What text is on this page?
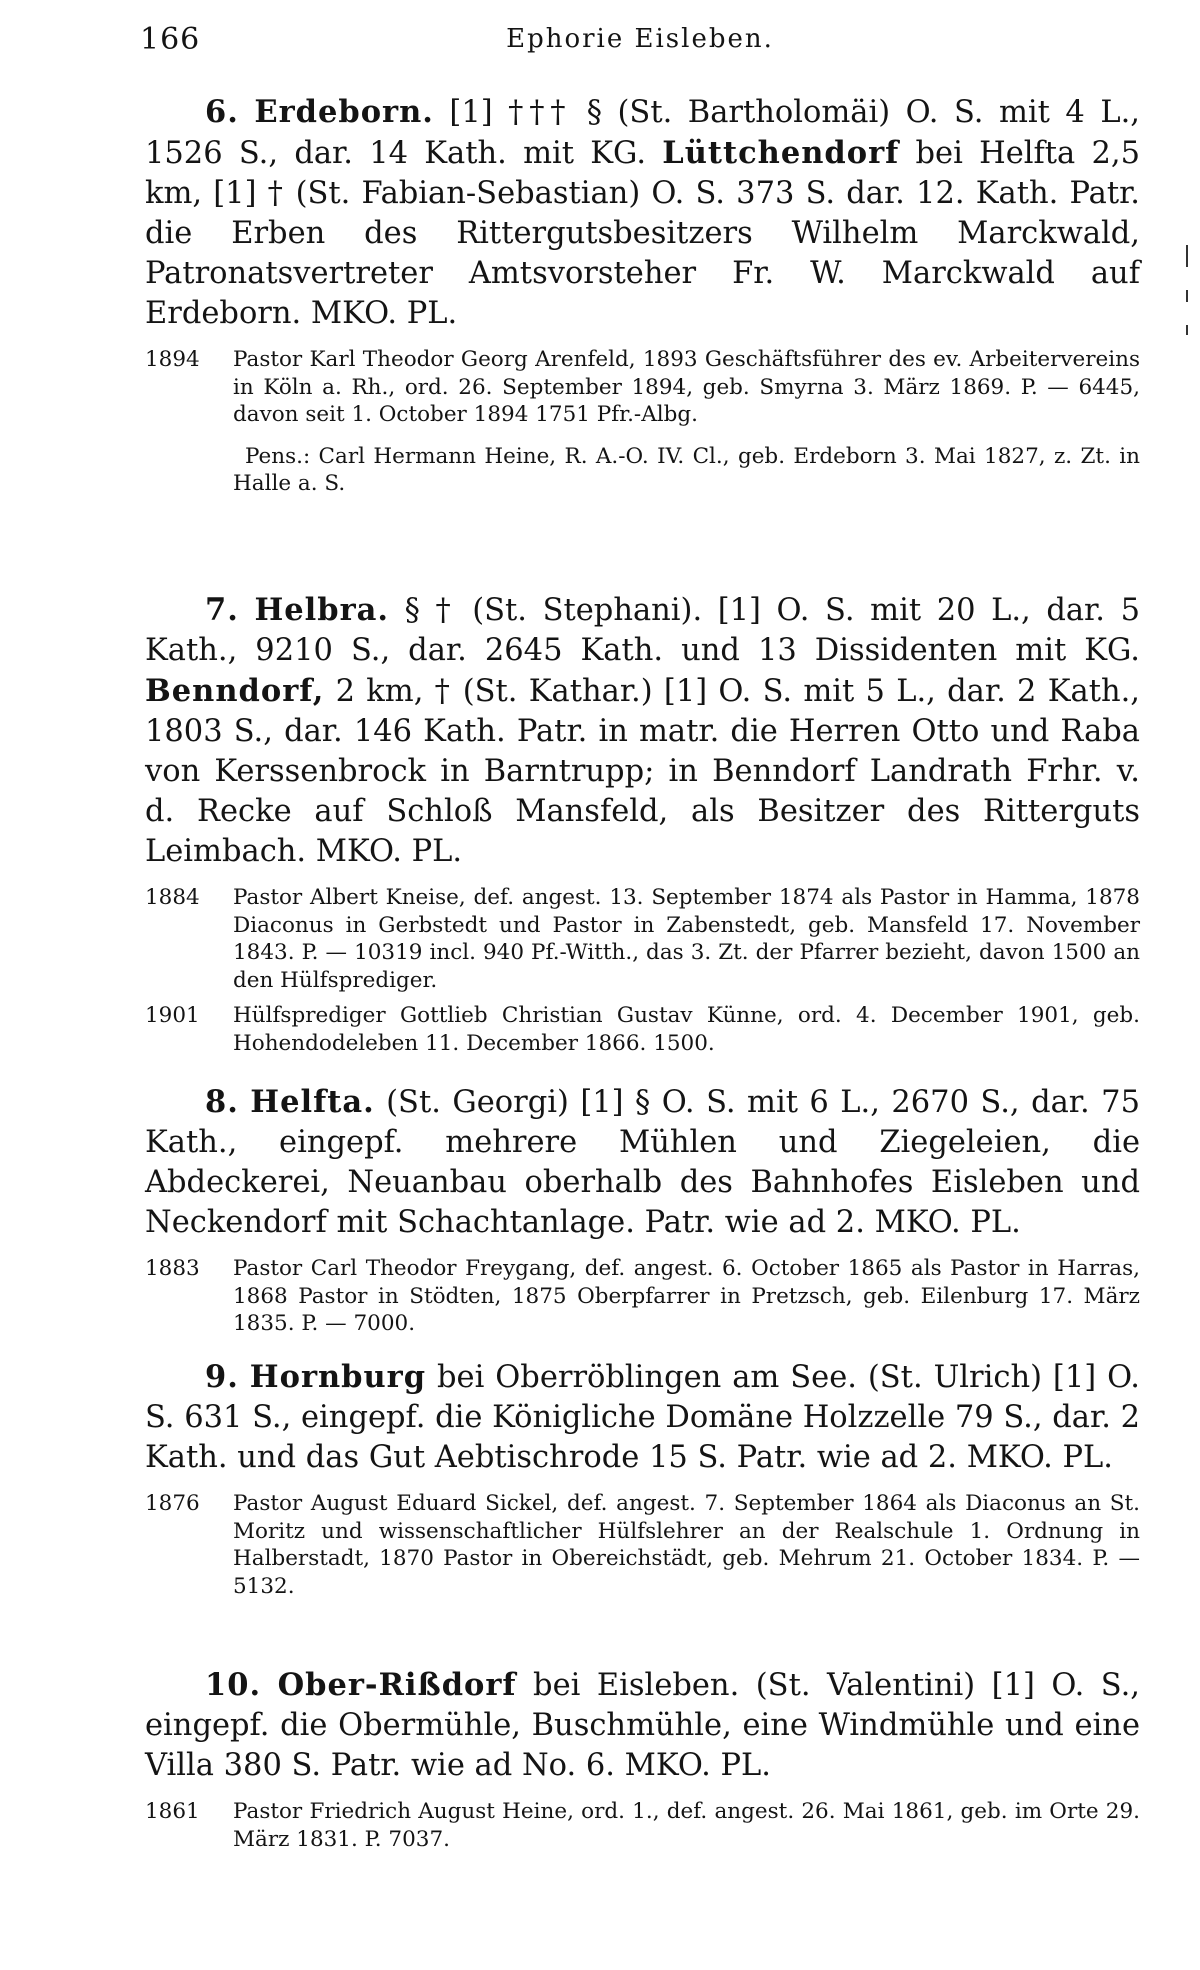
166	Ephorie Eisleben.

6. Erdeborn. [1] ††† § (St. Bartholomäi) O. S. mit 4 L., 1526 S., dar. 14 Kath. mit KG. Lüttchendorf bei Helfta 2,5 km, [1] † (St. Fabian-Sebastian) O. S. 373 S. dar. 12. Kath. Patr. die Erben des Rittergutsbesitzers Wilhelm Marckwald, Patronatsvertreter Amtsvorsteher Fr. W. Marckwald auf Erdeborn. MKO. PL.

1894	Pastor Karl Theodor Georg Arenfeld, 1893 Geschäftsführer des ev. Arbeitervereins in Köln a. Rh., ord. 26. September 1894, geb. Smyrna 3. März 1869. P. — 6445, davon seit 1. October 1894 1751 Pfr.-Albg.

Pens.: Carl Hermann Heine, R. A.-O. IV. Cl., geb. Erdeborn 3. Mai 1827, z. Zt. in Halle a. S.

7. Helbra. § † (St. Stephani). [1] O. S. mit 20 L., dar. 5 Kath., 9210 S., dar. 2645 Kath. und 13 Dissidenten mit KG. Benndorf, 2 km, † (St. Kathar.) [1] O. S. mit 5 L., dar. 2 Kath., 1803 S., dar. 146 Kath. Patr. in matr. die Herren Otto und Raba von Kerssenbrock in Barntrupp; in Benndorf Landrath Frhr. v. d. Recke auf Schloß Mansfeld, als Besitzer des Ritterguts Leimbach. MKO. PL.

1884	Pastor Albert Kneise, def. angest. 13. September 1874 als Pastor in Hamma, 1878 Diaconus in Gerbstedt und Pastor in Zabenstedt, geb. Mansfeld 17. November 1843. P. — 10319 incl. 940 Pf.-Witth., das 3. Zt. der Pfarrer bezieht, davon 1500 an den Hülfsprediger.

1901	Hülfsprediger Gottlieb Christian Gustav Künne, ord. 4. December 1901, geb. Hohendodeleben 11. December 1866. 1500.

8. Helfta. (St. Georgi) [1] § O. S. mit 6 L., 2670 S., dar. 75 Kath., eingepf. mehrere Mühlen und Ziegeleien, die Abdeckerei, Neuanbau oberhalb des Bahnhofes Eisleben und Neckendorf mit Schachtanlage. Patr. wie ad 2. MKO. PL.

1883	Pastor Carl Theodor Freygang, def. angest. 6. October 1865 als Pastor in Harras, 1868 Pastor in Stödten, 1875 Oberpfarrer in Pretzsch, geb. Eilenburg 17. März 1835. P. — 7000.

9. Hornburg bei Oberröblingen am See. (St. Ulrich) [1] O. S. 631 S., eingepf. die Königliche Domäne Holzzelle 79 S., dar. 2 Kath. und das Gut Aebtischrode 15 S. Patr. wie ad 2. MKO. PL.

1876	Pastor August Eduard Sickel, def. angest. 7. September 1864 als Diaconus an St. Moritz und wissenschaftlicher Hülfslehrer an der Realschule 1. Ordnung in Halberstadt, 1870 Pastor in Obereichstädt, geb. Mehrum 21. October 1834. P. — 5132.

10. Ober-Rißdorf bei Eisleben. (St. Valentini) [1] O. S., eingepf. die Obermühle, Buschmühle, eine Windmühle und eine Villa 380 S. Patr. wie ad No. 6. MKO. PL.

1861	Pastor Friedrich August Heine, ord. 1., def. angest. 26. Mai 1861, geb. im Orte 29. März 1831. P. 7037.
